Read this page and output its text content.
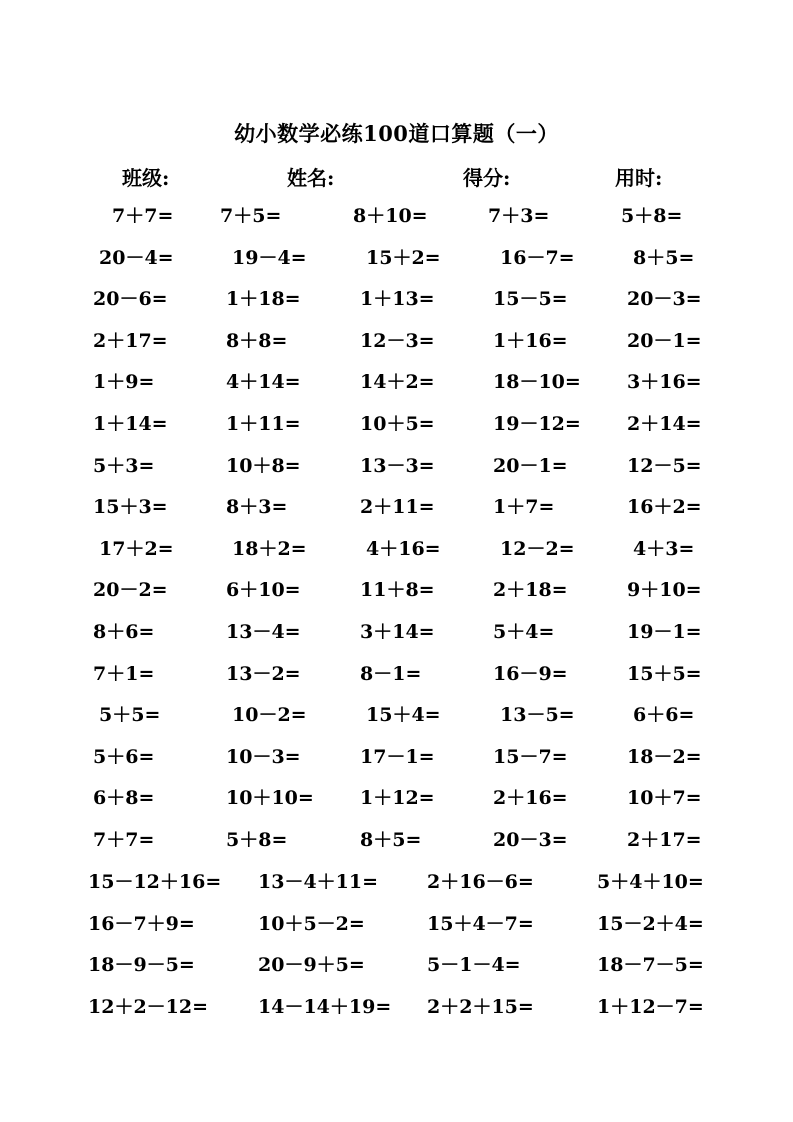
幼小数学必练100道口算题（一）
班级:	姓名:	得分:	用时:
7＋7= 7＋5=	8＋10=	7＋3=	5＋8=
20－4=	19－4=	15＋2=	16－7=	8＋5=
20－6=	1＋18=	1＋13=	15－5=	20－3=
2＋17=	8＋8=	12－3=	1＋16=	20－1=
1＋9=	4＋14=	14＋2=	18－10= 3＋16=
1＋14=	1＋11=	10＋5=	19－12= 2＋14=
5＋3=	10＋8=	13－3=	20－1=	12－5=
15＋3=	8＋3=	2＋11=	1＋7=	16＋2=
17＋2=	18＋2=	4＋16=	12－2=	4＋3=
20－2=	6＋10=	11＋8=	2＋18=	9＋10=
8＋6=	13－4=	3＋14=	5＋4=	19－1=
7＋1=	13－2=	8－1=	16－9=	15＋5=
5＋5=	10－2=	15＋4=	13－5=	6＋6=
5＋6=	10－3=	17－1=	15－7=	18－2=
6＋8=	10＋10= 1＋12=	2＋16=	10＋7=
7＋7=	5＋8=	8＋5=	20－3=	2＋17=
15－12＋16= 13－4＋11=	2＋16－6=	5＋4＋10=
16－7＋9=	10＋5－2=	15＋4－7=	15－2＋4=
18－9－5=	20－9＋5=	5－1－4=	18－7－5=
12＋2－12=	14－14＋19= 2＋2＋15=	1＋12－7=
